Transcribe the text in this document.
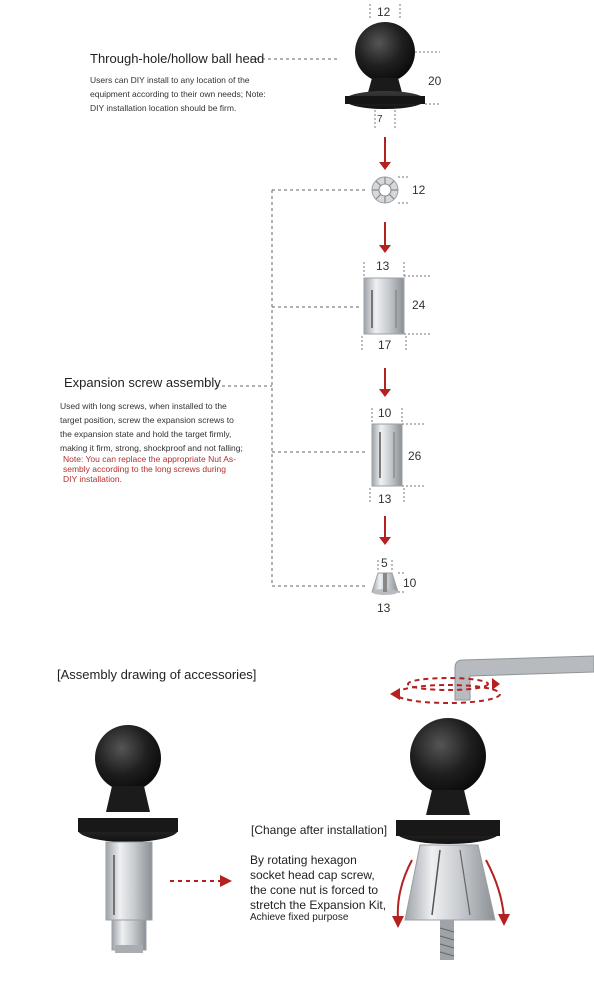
Through-hole/hollow ball head
Users can DIY install to any location of the
equipment according to their own needs; Note:
DIY installation location should be firm.
12
20
7
12
13
24
17
Expansion screw assembly
Used with long screws, when installed to the
target position, screw the expansion screws to
the expansion state and hold the target firmly,
making it firm, strong, shockproof and not falling;
Note: You can replace the appropriate Nut As-
sembly according to the long screws during
DIY installation.
10
26
13
5
10
13
[Assembly drawing of accessories]
[Change after installation]
By rotating hexagon
socket head cap screw,
the cone nut is forced to
stretch the Expansion Kit,
Achieve fixed purpose
